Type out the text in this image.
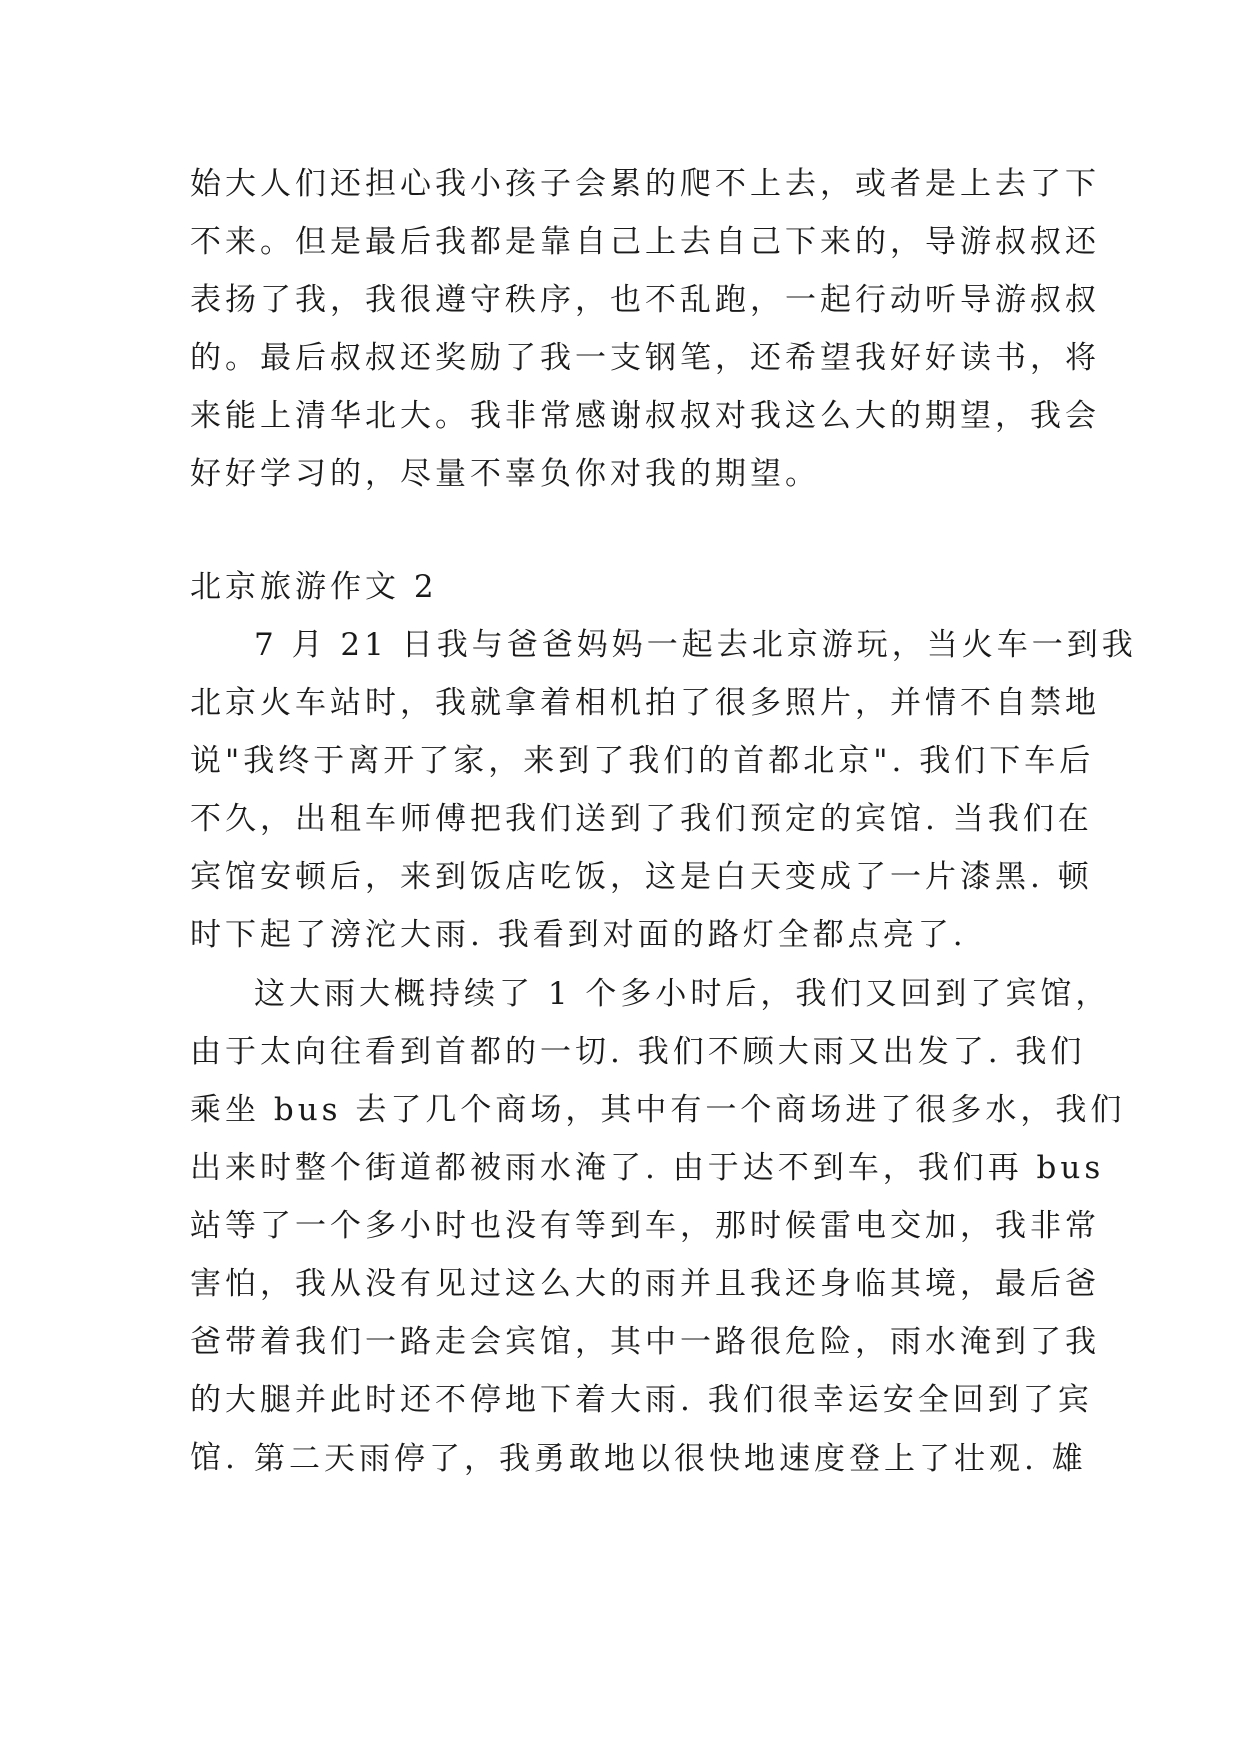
始大人们还担心我小孩子会累的爬不上去，或者是上去了下
不来。但是最后我都是靠自己上去自己下来的，导游叔叔还
表扬了我，我很遵守秩序，也不乱跑，一起行动听导游叔叔
的。最后叔叔还奖励了我一支钢笔，还希望我好好读书，将
来能上清华北大。我非常感谢叔叔对我这么大的期望，我会
好好学习的，尽量不辜负你对我的期望。
北京旅游作文 2
7 月 21 日我与爸爸妈妈一起去北京游玩，当火车一到我
北京火车站时，我就拿着相机拍了很多照片，并情不自禁地
说"我终于离开了家，来到了我们的首都北京". 我们下车后
不久，出租车师傅把我们送到了我们预定的宾馆. 当我们在
宾馆安顿后，来到饭店吃饭，这是白天变成了一片漆黑. 顿
时下起了滂沱大雨. 我看到对面的路灯全都点亮了.
这大雨大概持续了 1 个多小时后，我们又回到了宾馆，
由于太向往看到首都的一切. 我们不顾大雨又出发了. 我们
乘坐 bus 去了几个商场，其中有一个商场进了很多水，我们
出来时整个街道都被雨水淹了. 由于达不到车，我们再 bus
站等了一个多小时也没有等到车，那时候雷电交加，我非常
害怕，我从没有见过这么大的雨并且我还身临其境，最后爸
爸带着我们一路走会宾馆，其中一路很危险，雨水淹到了我
的大腿并此时还不停地下着大雨. 我们很幸运安全回到了宾
馆. 第二天雨停了，我勇敢地以很快地速度登上了壮观. 雄
